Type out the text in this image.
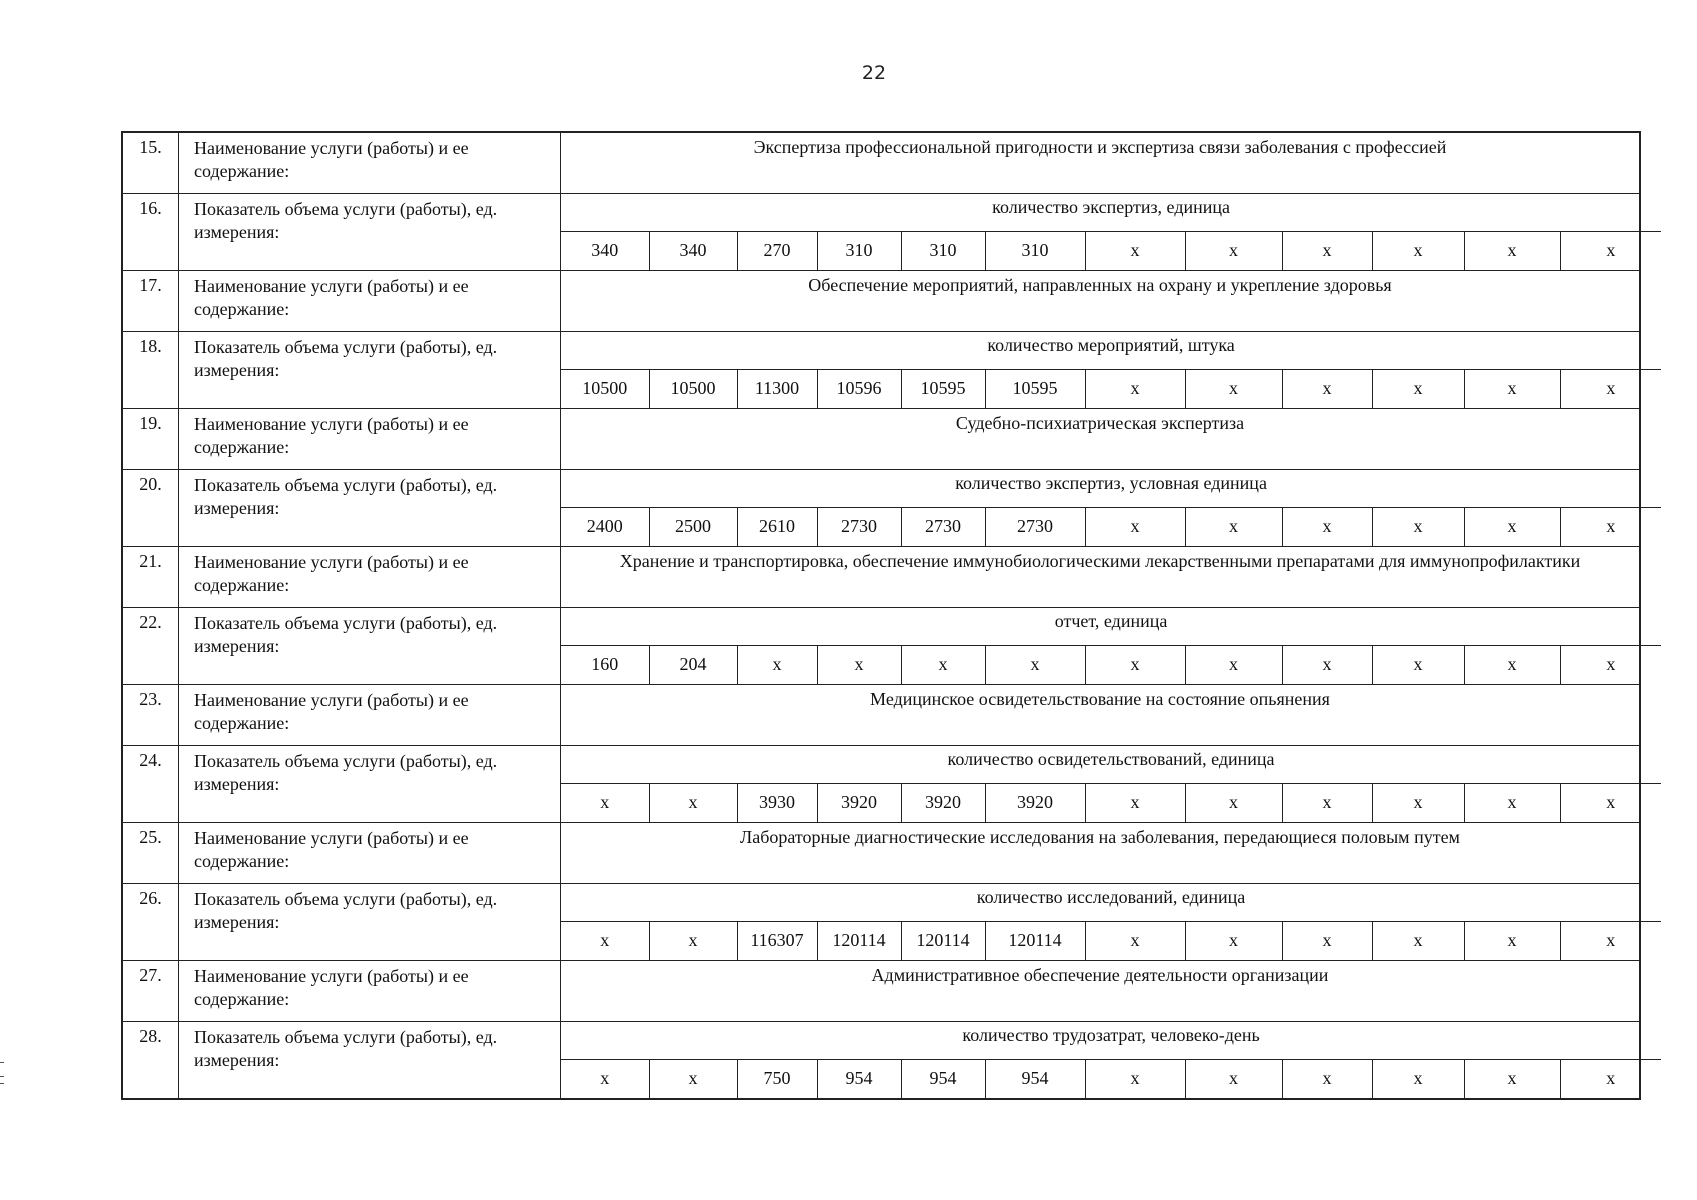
22
15.	Наименование услуги (работы) и ее содержание:	
Экспертиза профессиональной пригодности и экспертиза связи заболевания с профессией

16.	Показатель объема услуги (работы), ед. измерения:	
количество экспертиз, единица
340	340	270	310	310	310	x	x	x	x	x	x

17.	Наименование услуги (работы) и ее содержание:	
Обеспечение мероприятий, направленных на охрану и укрепление здоровья

18.	Показатель объема услуги (работы), ед. измерения:	
количество мероприятий, штука
10500	10500	11300	10596	10595	10595	x	x	x	x	x	x

19.	Наименование услуги (работы) и ее содержание:	
Судебно-психиатрическая экспертиза

20.	Показатель объема услуги (работы), ед. измерения:	
количество экспертиз, условная единица
2400	2500	2610	2730	2730	2730	x	x	x	x	x	x

21.	Наименование услуги (работы) и ее содержание:	
Хранение и транспортировка, обеспечение иммунобиологическими лекарственными препаратами для иммунопрофилактики

22.	Показатель объема услуги (работы), ед. измерения:	
отчет, единица
160	204	x	x	x	x	x	x	x	x	x	x

23.	Наименование услуги (работы) и ее содержание:	
Медицинское освидетельствование на состояние опьянения

24.	Показатель объема услуги (работы), ед. измерения:	
количество освидетельствований, единица
x	x	3930	3920	3920	3920	x	x	x	x	x	x

25.	Наименование услуги (работы) и ее содержание:	
Лабораторные диагностические исследования на заболевания, передающиеся половым путем

26.	Показатель объема услуги (работы), ед. измерения:	
количество исследований, единица
x	x	116307	120114	120114	120114	x	x	x	x	x	x

27.	Наименование услуги (работы) и ее содержание:	
Административное обеспечение деятельности организации

28.	Показатель объема услуги (работы), ед. измерения:	
количество трудозатрат, человеко-день
x	x	750	954	954	954	x	x	x	x	x	x
